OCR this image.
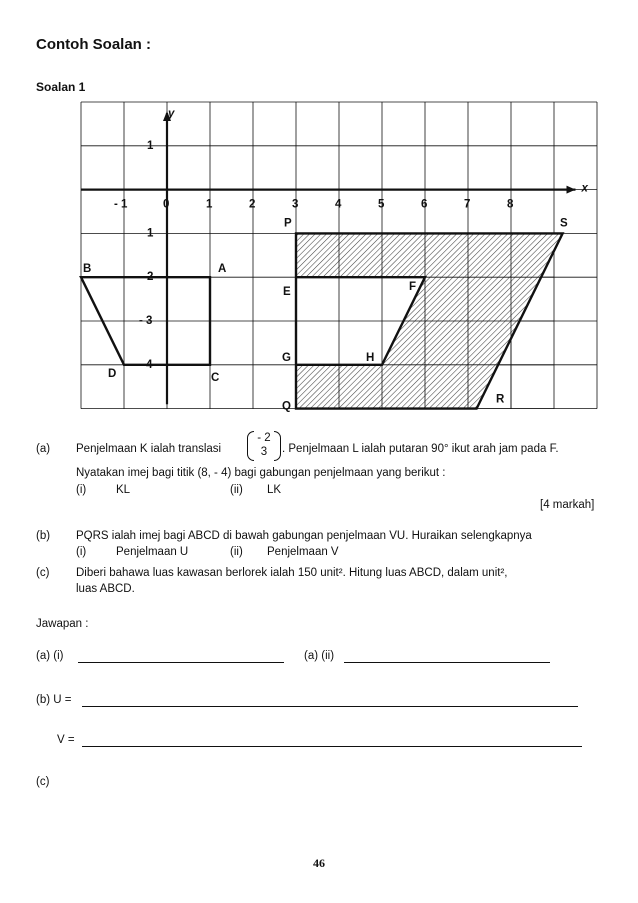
Contoh Soalan :
Soalan 1
x
y
- 1	0	1	2	3	4	5	6	7	8
1
1
2
- 3
- 4
B	A
D	C
P	S
E	F
G	H
Q
R
(a) Penjelmaan K ialah translasi
- 2
3	. Penjelmaan L ialah putaran 90° ikut arah jam pada F.
Nyatakan imej bagi titik (8, - 4) bagi gabungan penjelmaan yang berikut :
(i)	KL	(ii) LK
[4 markah]
(b) PQRS ialah imej bagi ABCD di bawah gabungan penjelmaan VU. Huraikan selengkapnya
(i)	Penjelmaan U	(ii) Penjelmaan V
(c) Diberi bahawa luas kawasan berlorek ialah 150 unit². Hitung luas ABCD, dalam unit²,
luas ABCD.
Jawapan :
(a) (i)	(a) (ii)
(b) U =
V =
(c)
46
